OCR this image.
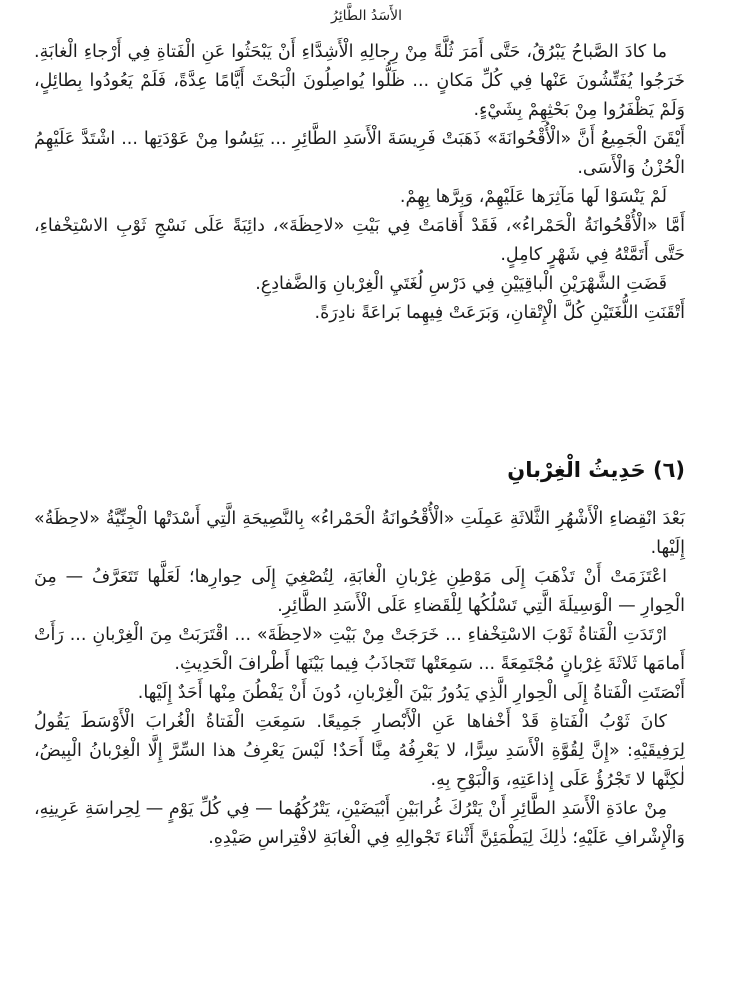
الأَسَدُ الطَّائِرُ

ما كادَ الصَّباحُ يَبْرُقُ، حَتَّى أَمَرَ ثُلَّةً مِنْ رِجالِهِ الْأَشِدَّاءِ أَنْ يَبْحَثُوا عَنِ الْفَتاةِ فِي أَرْجاءِ الْغابَةِ. خَرَجُوا يُفَتِّشُونَ عَنْها فِي كُلِّ مَكانٍ ... ظَلُّوا يُواصِلُونَ الْبَحْثَ أَيَّامًا عِدَّةً، فَلَمْ يَعُودُوا بِطائِلٍ، وَلَمْ يَظْفَرُوا مِنْ بَحْثِهِمْ بِشَيْءٍ.

أَيْقَنَ الْجَمِيعُ أَنَّ «الْأُقْحُوانَةَ» ذَهَبَتْ فَرِيسَةَ الْأَسَدِ الطَّائِرِ ... يَئِسُوا مِنْ عَوْدَتِها ... اشْتَدَّ عَلَيْهِمُ الْحُزْنُ وَالْأَسَى.

لَمْ يَنْسَوْا لَها مَآثِرَها عَلَيْهِمْ، وَبِرَّها بِهِمْ.

أَمَّا «الْأُقْحُوانَةُ الْحَمْراءُ»، فَقَدْ أَقامَتْ فِي بَيْتِ «لاحِظَةَ»، دائِبَةً عَلَى نَسْجِ ثَوْبِ الاسْتِخْفاءِ، حَتَّى أَتَمَّتْهُ فِي شَهْرٍ كامِلٍ.

قَضَتِ الشَّهْرَيْنِ الْباقِيَيْنِ فِي دَرْسِ لُغَتَيِ الْغِرْبانِ وَالضَّفادِعِ.

أَتْقَنَتِ اللُّغَتَيْنِ كُلَّ الْإِتْقانِ، وَبَرَعَتْ فِيهِما بَراعَةً نادِرَةً.

(٦) حَدِيثُ الْغِرْبانِ

بَعْدَ انْقِضاءِ الْأَشْهُرِ الثَّلاثَةِ عَمِلَتِ «الْأُقْحُوانَةُ الْحَمْراءُ» بِالنَّصِيحَةِ الَّتِي أَسْدَتْها الْجِنِّيَّةُ «لاحِظَةُ» إِلَيْها.

اعْتَزَمَتْ أَنْ تَذْهَبَ إِلَى مَوْطِنِ غِرْبانِ الْغابَةِ، لِتُصْغِيَ إِلَى حِوارِها؛ لَعَلَّها تَتَعَرَّفُ — مِنَ الْحِوارِ — الْوَسِيلَةَ الَّتِي تَسْلُكُها لِلْقَضاءِ عَلَى الْأَسَدِ الطَّائِرِ.

ارْتَدَتِ الْفَتاةُ ثَوْبَ الاسْتِخْفاءِ ... خَرَجَتْ مِنْ بَيْتِ «لاحِظَةَ» ... اقْتَرَبَتْ مِنَ الْغِرْبانِ ... رَأَتْ أَمامَها ثَلاثَةَ غِرْبانٍ مُجْتَمِعَةً ... سَمِعَتْها تَتَجاذَبُ فِيما بَيْنَها أَطْرافَ الْحَدِيثِ.

أَنْصَتَتِ الْفَتاةُ إِلَى الْحِوارِ الَّذِي يَدُورُ بَيْنَ الْغِرْبانِ، دُونَ أَنْ يَفْطُنَ مِنْها أَحَدٌ إِلَيْها.

كانَ ثَوْبُ الْفَتاةِ قَدْ أَخْفاها عَنِ الْأَبْصارِ جَمِيعًا. سَمِعَتِ الْفَتاةُ الْغُرابَ الْأَوْسَطَ يَقُولُ لِرَفِيقَيْهِ: «إِنَّ لِقُوَّةِ الْأَسَدِ سِرًّا، لا يَعْرِفُهُ مِنَّا أَحَدٌ! لَيْسَ يَعْرِفُ هذا السِّرَّ إِلَّا الْغِرْبانُ الْبِيضُ، لٰكِنَّها لا تَجْرُؤُ عَلَى إِذاعَتِهِ، وَالْبَوْحِ بِهِ.

مِنْ عادَةِ الْأَسَدِ الطَّائِرِ أَنْ يَتْرُكَ غُرابَيْنِ أَبْيَضَيْنِ، يَتْرُكُهُما — فِي كُلِّ يَوْمٍ — لِحِراسَةِ عَرِينِهِ، وَالْإِشْرافِ عَلَيْهِ؛ ذٰلِكَ لِيَطْمَئِنَّ أَثْناءَ تَجْوالِهِ فِي الْغابَةِ لافْتِراسِ صَيْدِهِ.
